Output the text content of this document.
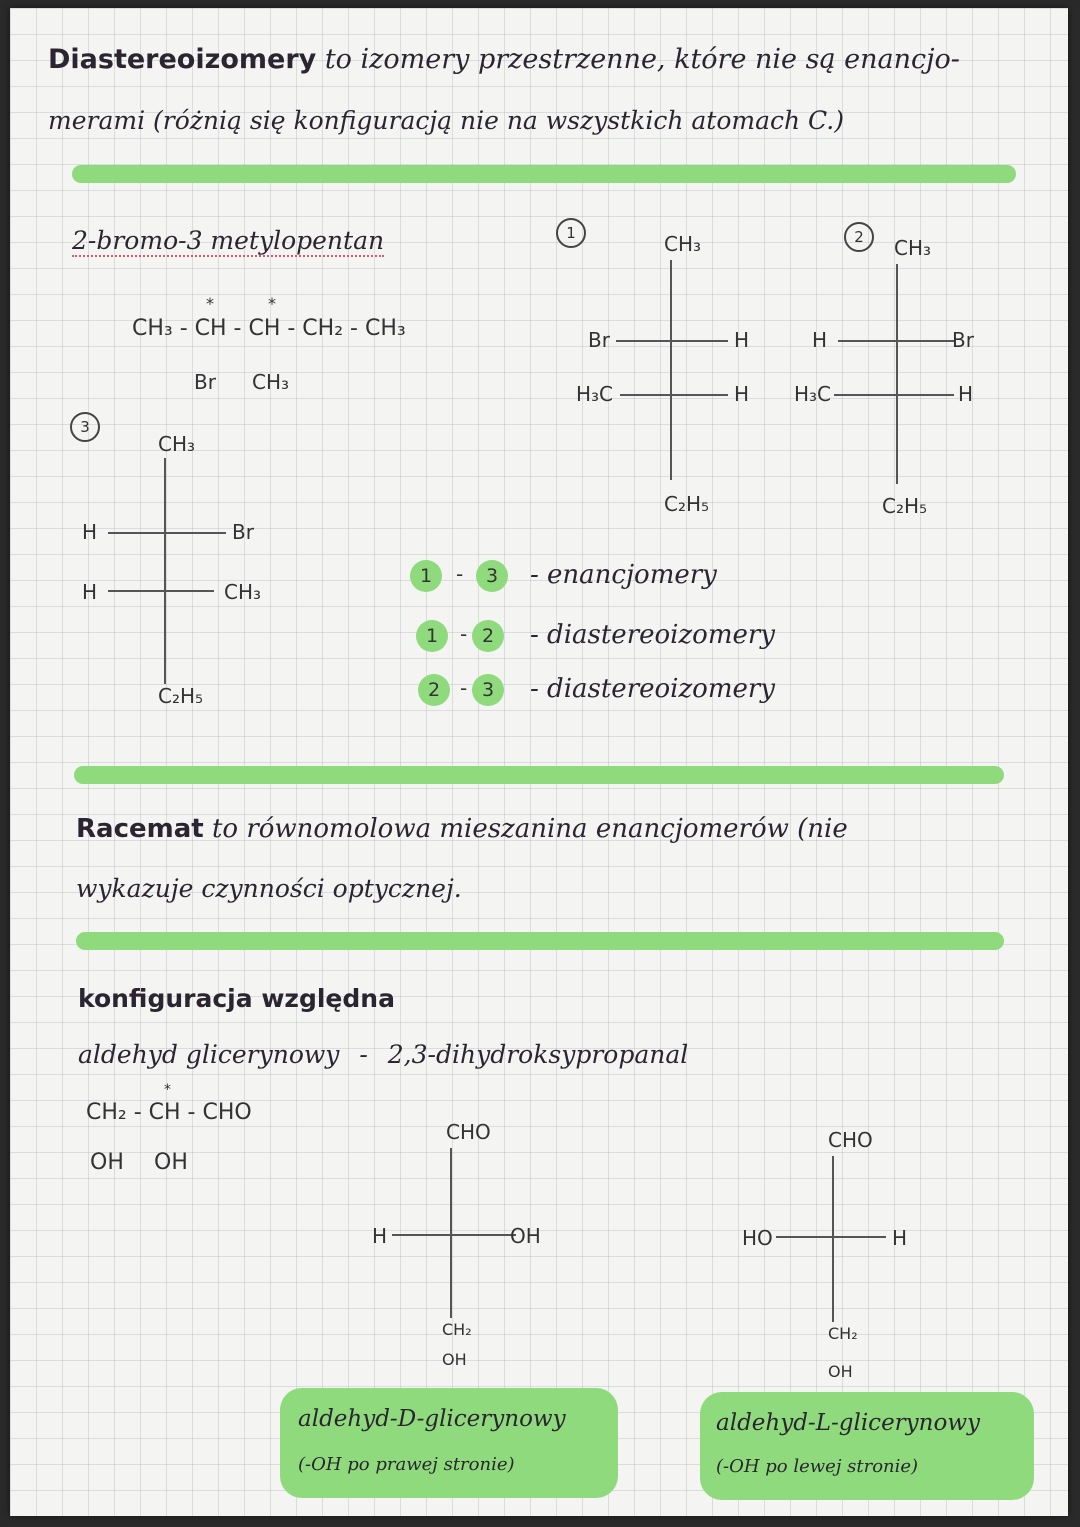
Diastereoizomery to izomery przestrzenne, które nie są enancjo-
merami (różnią się konfiguracją nie na wszystkich atomach C.)
2-bromo-3 metylopentan
CH₃ - CH - CH - CH₂ - CH₃
*	*
Br CH₃
1	CH₃
Br	H
H₃C	H
C₂H₅
2	CH₃
H	Br
H₃C	H
C₂H₅
3
CH₃
H	Br
H	CH₃
C₂H₅
1	-	3	- enancjomery
1	- 2	- diastereoizomery
2 - 3	- diastereoizomery
Racemat to równomolowa mieszanina enancjomerów (nie
wykazuje czynności optycznej.
konfiguracja względna
aldehyd glicerynowy - 2,3-dihydroksypropanal
CH₂ - CH - CHO
*
OH OH
CHO
H	OH
CH₂
OH
aldehyd-D-glicerynowy
(-OH po prawej stronie)
CHO
HO	H
CH₂
OH
aldehyd-L-glicerynowy
(-OH po lewej stronie)
